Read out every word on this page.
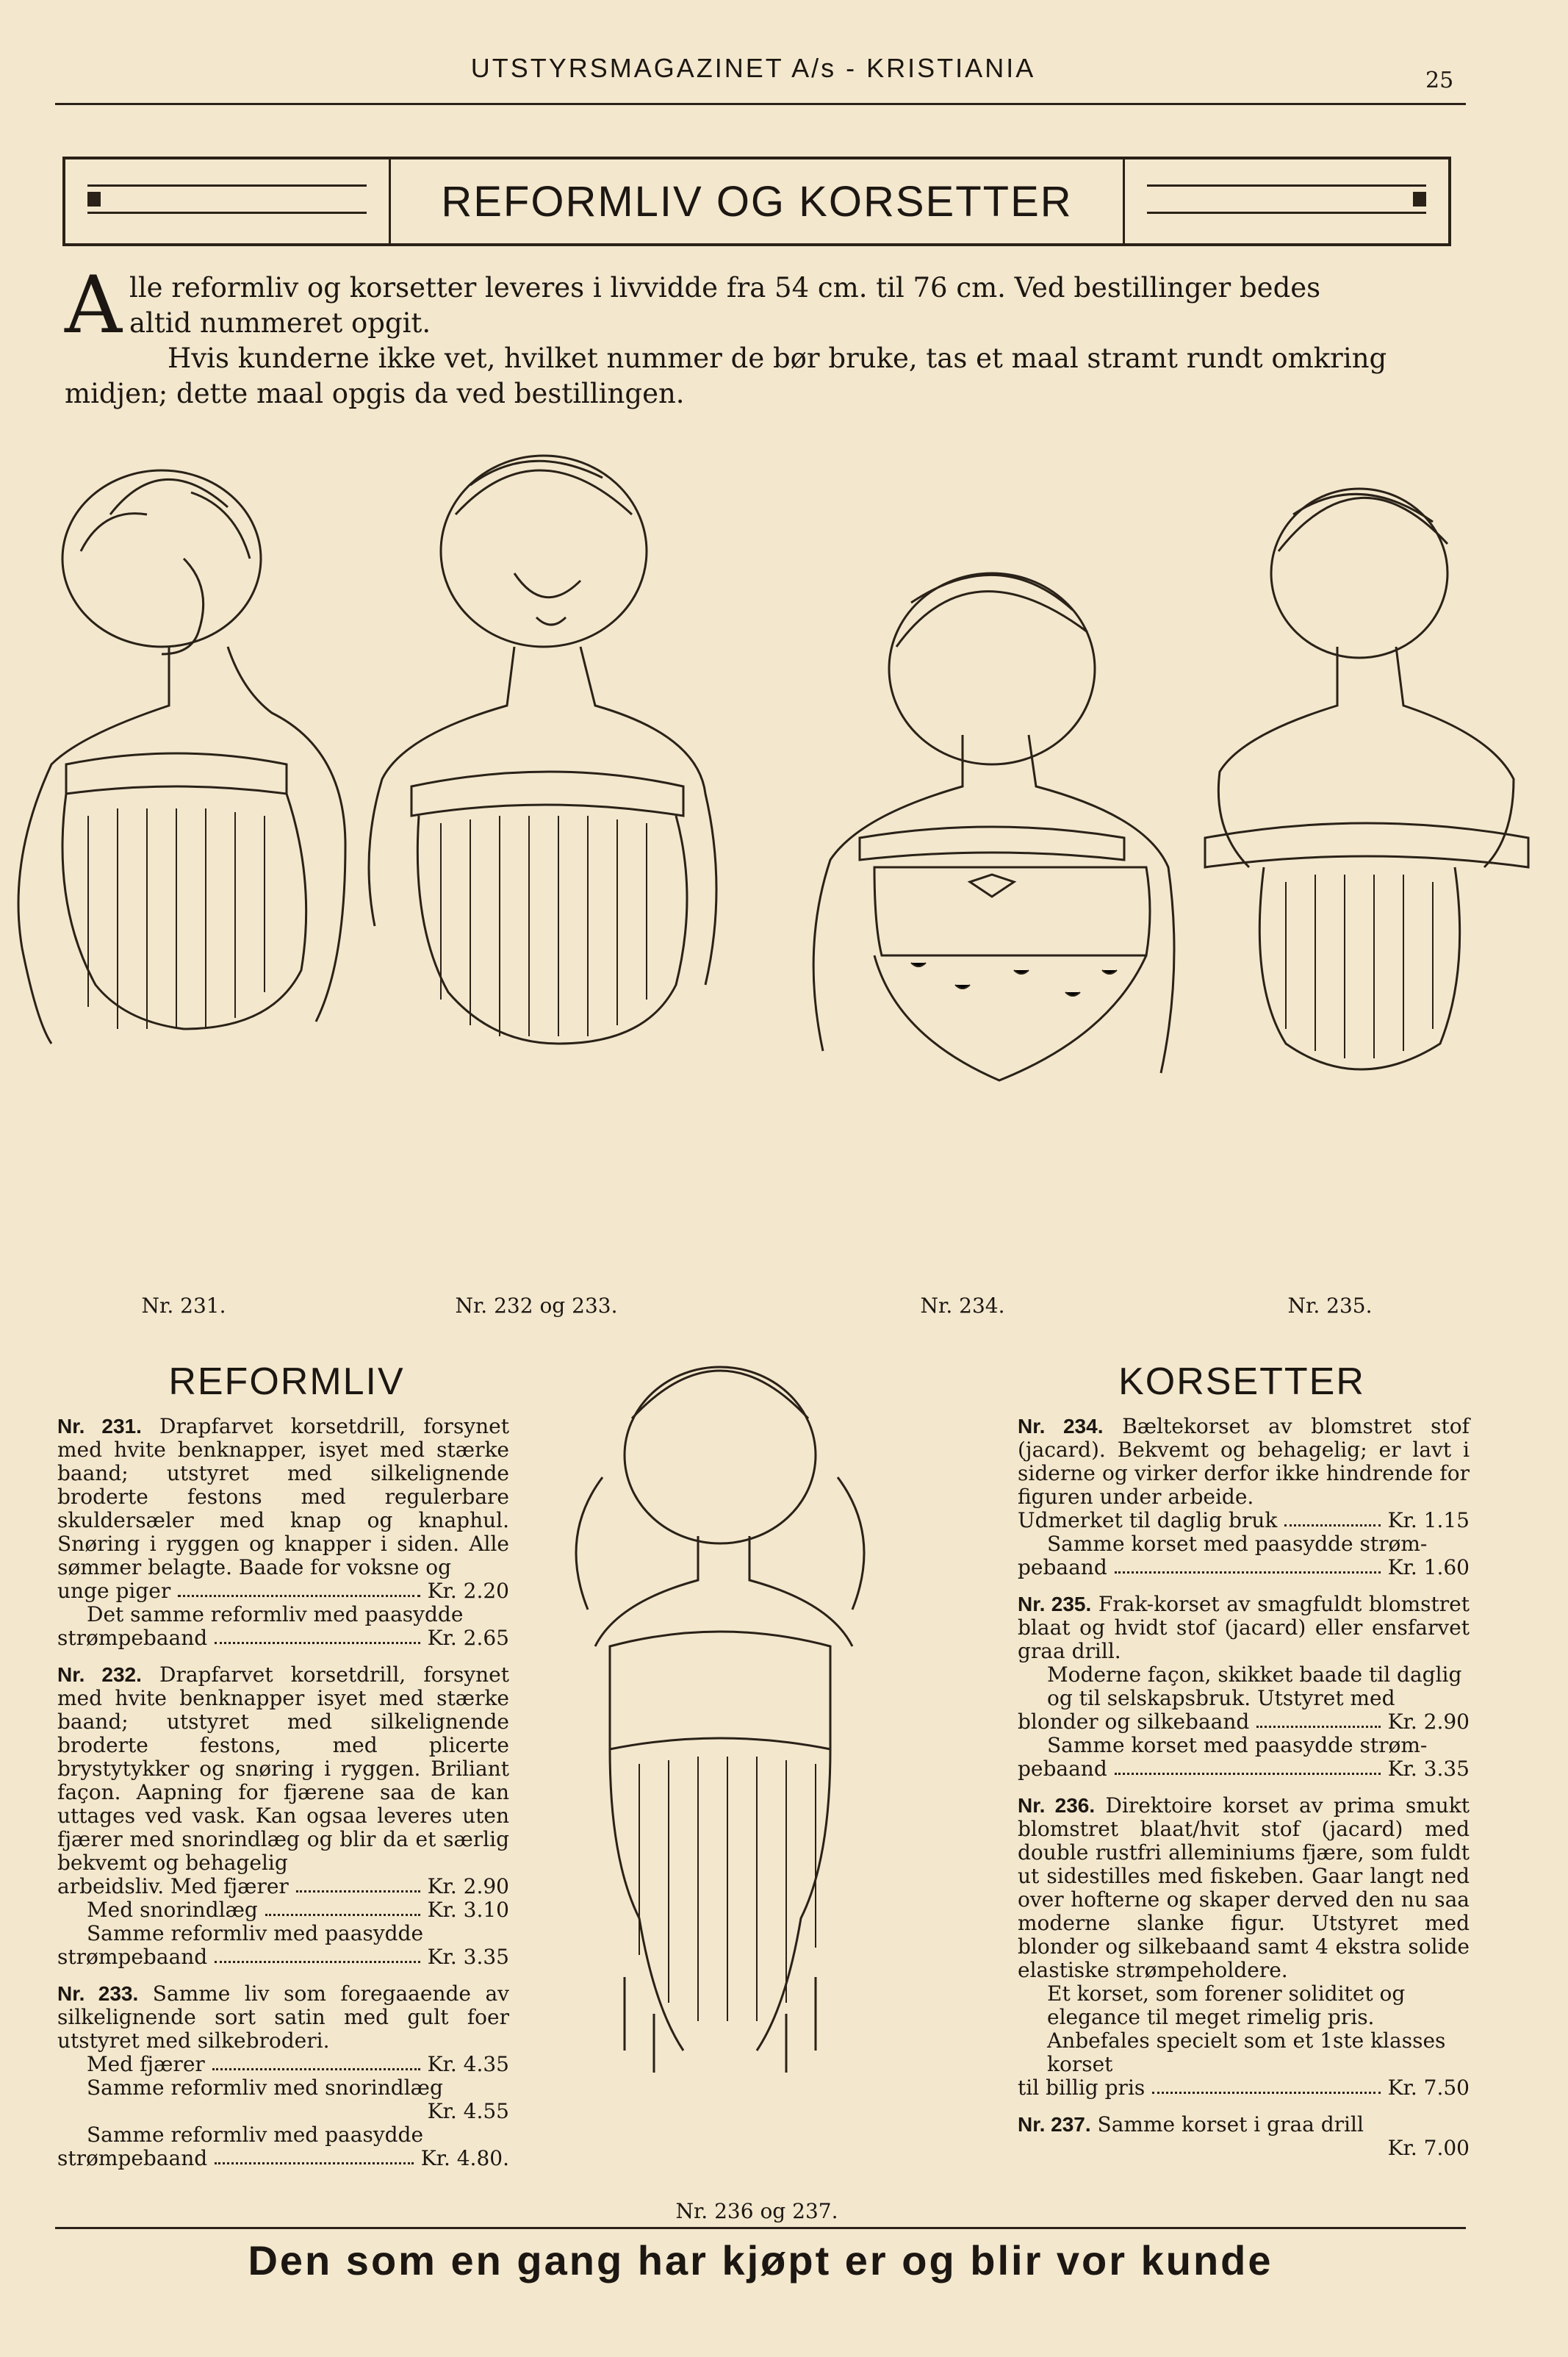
UTSTYRSMAGAZINET A/s - KRISTIANIA	25
REFORMLIV OG KORSETTER
A lle reformliv og korsetter leveres i livvidde fra 54 cm. til 76 cm. Ved bestillinger bedes
altid nummeret opgit.

Hvis kunderne ikke vet, hvilket nummer de bør bruke, tas et maal stramt rundt omkring midjen; dette maal opgis da ved bestillingen.

Nr. 231.	Nr. 232 og 233.	Nr. 234.	Nr. 235.
Nr. 236 og 237.
REFORMLIV

Nr. 231. Drapfarvet korsetdrill, forsynet med hvite benknapper, isyet med stærke baand; utstyret med silkelignende broderte festons med regulerbare skuldersæler med knap og knaphul. Snøring i ryggen og knapper i siden. Alle sømmer belagte. Baade for voksne og

unge piger	Kr. 2.20

Det samme reformliv med paasydde

strømpebaand	Kr. 2.65

Nr. 232. Drapfarvet korsetdrill, forsynet med hvite benknapper isyet med stærke baand; utstyret med silkelignende broderte festons, med plicerte brystytykker og snøring i ryggen. Briliant façon. Aapning for fjærene saa de kan uttages ved vask. Kan ogsaa leveres uten fjærer med snorindlæg og blir da et særlig bekvemt og behagelig

arbeidsliv. Med fjærer	Kr. 2.90
Med snorindlæg	Kr. 3.10

Samme reformliv med paasydde

strømpebaand	Kr. 3.35

Nr. 233. Samme liv som foregaaende av silkelignende sort satin med gult foer utstyret med silkebroderi.

Med fjærer	Kr. 4.35

Samme reformliv med snorindlæg

Kr. 4.55

Samme reformliv med paasydde

strømpebaand	Kr. 4.80.
KORSETTER

Nr. 234. Bæltekorset av blomstret stof (jacard). Bekvemt og behagelig; er lavt i siderne og virker derfor ikke hindrende for figuren under arbeide.

Udmerket til daglig bruk	Kr. 1.15

Samme korset med paasydde strøm-

pebaand	Kr. 1.60

Nr. 235. Frak-korset av smagfuldt blomstret blaat og hvidt stof (jacard) eller ensfarvet graa drill.

Moderne façon, skikket baade til daglig og til selskapsbruk. Utstyret med

blonder og silkebaand	Kr. 2.90

Samme korset med paasydde strøm-

pebaand	Kr. 3.35

Nr. 236. Direktoire korset av prima smukt blomstret blaat/hvit stof (jacard) med double rustfri alleminiums fjære, som fuldt ut sidestilles med fiskeben. Gaar langt ned over hofterne og skaper derved den nu saa moderne slanke figur. Utstyret med blonder og silkebaand samt 4 ekstra solide elastiske strømpeholdere.

Et korset, som forener soliditet og elegance til meget rimelig pris. Anbefales specielt som et 1ste klasses korset

til billig pris	Kr. 7.50

Nr. 237. Samme korset i graa drill

Kr. 7.00

Den som en gang har kjøpt er og blir vor kunde
